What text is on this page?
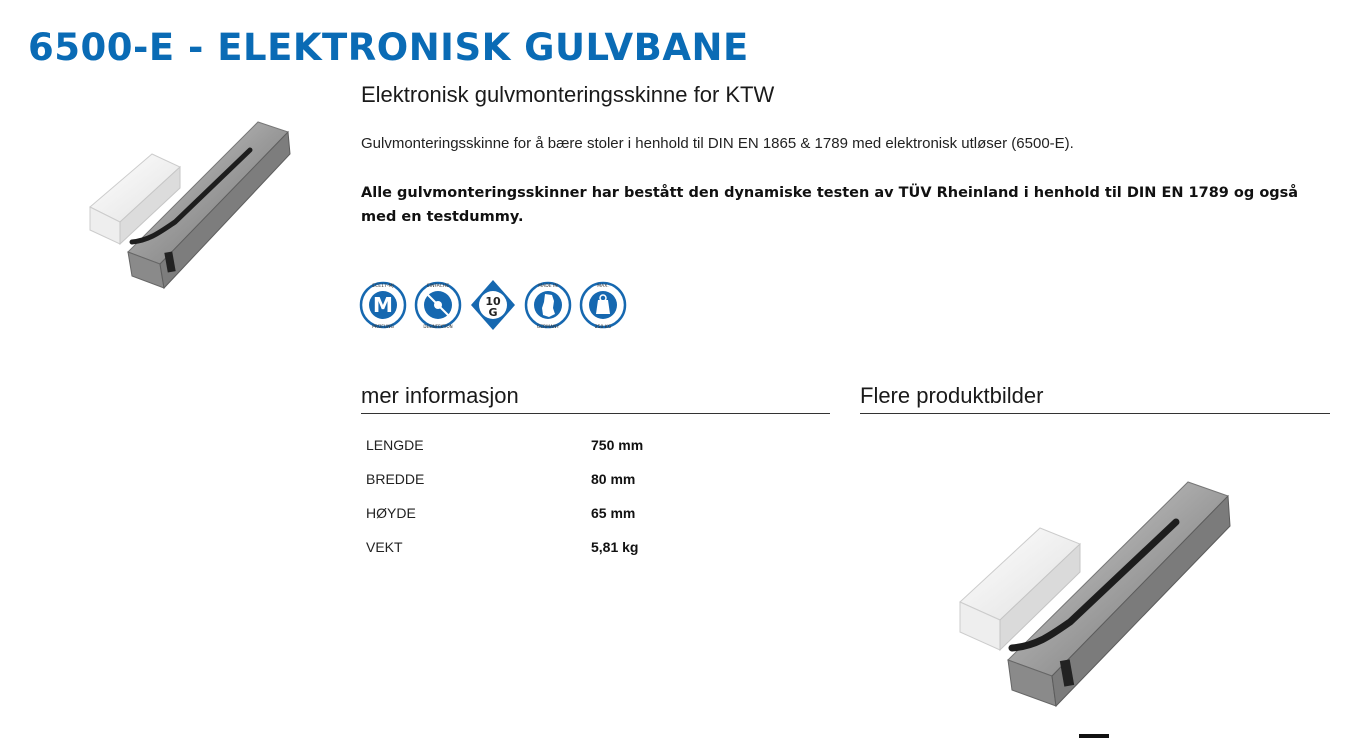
6500-E - ELEKTRONISK GULVBANE
Elektronisk gulvmonteringsskinne for KTW

Gulvmonteringsskinne for å bære stoler i henhold til DIN EN 1865 & 1789 med elektronisk utløser (6500-E).

Alle gulvmonteringsskinner har bestått den dynamiske testen av TÜV Rheinland i henhold til DIN EN 1789 og også med en testdummy.

M
ECE17-MJ
PRÜFUNG
EINFACHE
DESINFEKTION
10
G
MADE IN
GERMANY
MAX.
250 KG
mer informasjon	Flere produktbilder
LENGDE	750 mm
BREDDE	80 mm
HØYDE	65 mm
VEKT	5,81 kg
